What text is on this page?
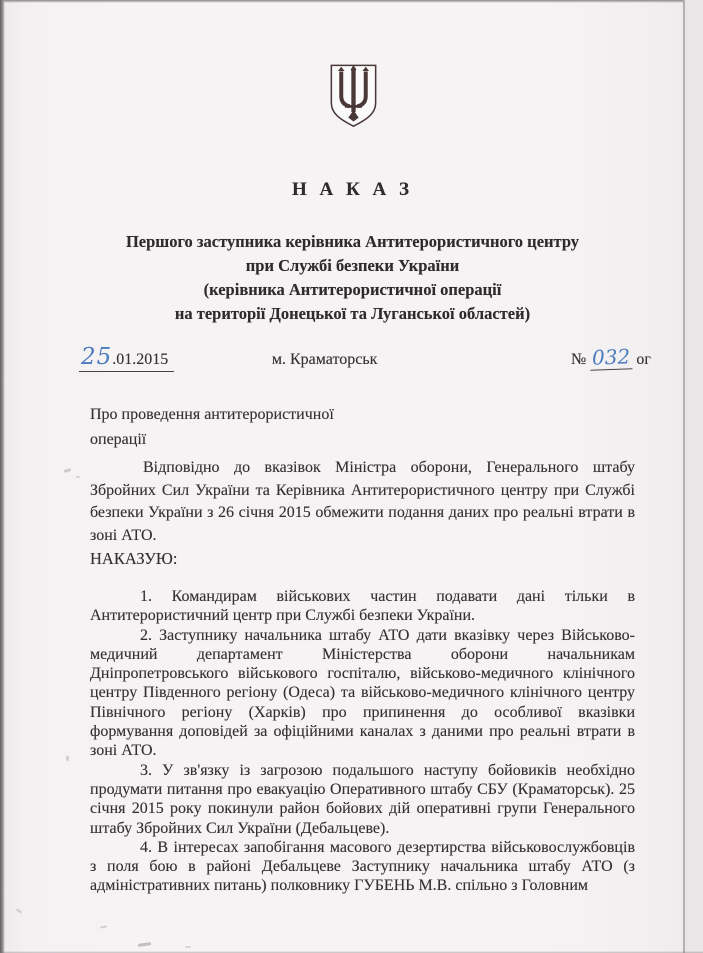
Н А К А З
Першого заступника керівника Антитерористичного центру
при Службі безпеки України
(керівника Антитерористичної операції
на території Донецької та Луганської областей)
25.01.2015	м. Краматорськ	№ 032 ог
Про проведення антитерористичної
операції

Відповідно до вказівок Міністра оборони, Генерального штабу Збройних Сил України та Керівника Антитерористичного центру при Службі безпеки України з 26 січня 2015 обмежити подання даних про реальні втрати в зоні АТО.

НАКАЗУЮ:

1. Командирам військових частин подавати дані тільки в Антитерористичний центр при Службі безпеки України.

2. Заступнику начальника штабу АТО дати вказівку через Військово-медичний департамент Міністерства оборони начальникам Дніпропетровського військового госпіталю, військово-медичного клінічного центру Південного регіону (Одеса) та військово-медичного клінічного центру Північного регіону (Харків) про припинення до особливої вказівки формування доповідей за офіційними каналах з даними про реальні втрати в зоні АТО.

3. У зв'язку із загрозою подальшого наступу бойовиків необхідно продумати питання про евакуацію Оперативного штабу СБУ (Краматорськ). 25 січня 2015 року покинули район бойових дій оперативні групи Генерального штабу Збройних Сил України (Дебальцеве).

4. В інтересах запобігання масового дезертирства військовослужбовців з поля бою в районі Дебальцеве Заступнику начальника штабу АТО (з адміністративних питань) полковнику ГУБЕНЬ М.В. спільно з Головним
